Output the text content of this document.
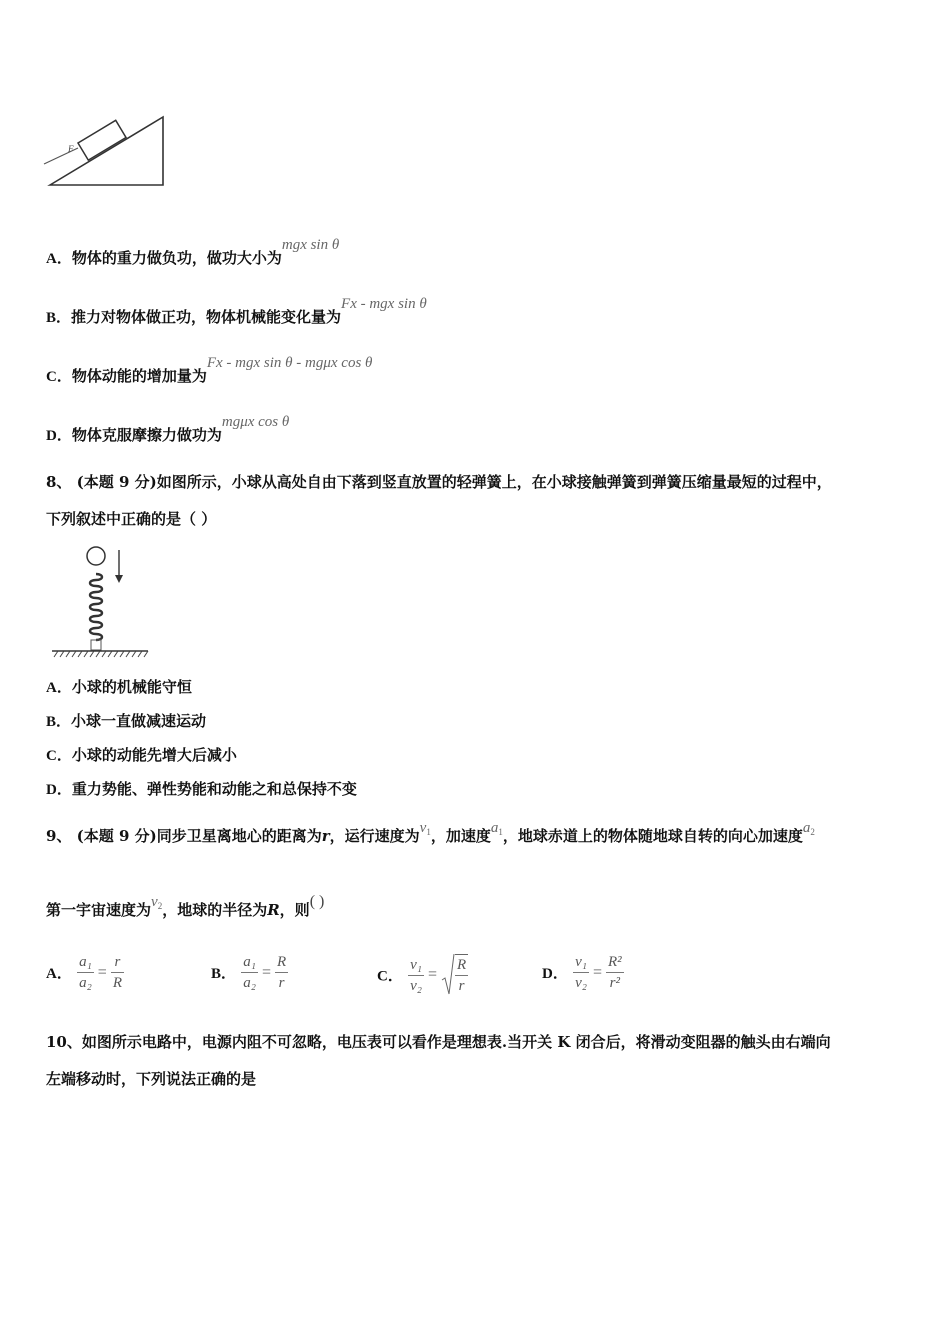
F
A．物体的重力做负功，做功大小为mgx sin θ
B．推力对物体做正功，物体机械能变化量为Fx - mgx sin θ
C．物体动能的增加量为Fx - mgx sin θ - mgμx cos θ
D．物体克服摩擦力做功为mgμx cos θ
8、 (本题 9 分)如图所示，小球从高处自由下落到竖直放置的轻弹簧上，在小球接触弹簧到弹簧压缩量最短的过程中，
下列叙述中正确的是（ ）
A．小球的机械能守恒
B．小球一直做减速运动
C．小球的动能先增大后减小
D．重力势能、弹性势能和动能之和总保持不变
9、 (本题 9 分)同步卫星离地心的距离为r，运行速度为$v_1$，加速度$a_1$，地球赤道上的物体随地球自转的向心加速度$a_2$
第一宇宙速度为$v_2$，地球的半径为R，则( )
A． $\frac{\text{a₁}}{\text{a₂}} = \frac{r}{R}$	B． $\frac{\text{a₁}}{\text{a₂}} = \frac{R}{r}$	C． $\frac{\text{v₁}}{\text{v₂}} = \frac{R}{r}$	D． $\frac{\text{v₁}}{\text{v₂}} = \frac{\text{R²}}{\text{r²}}$
10、如图所示电路中，电源内阻不可忽略，电压表可以看作是理想表.当开关 K 闭合后，将滑动变阻器的触头由右端向
左端移动时，下列说法正确的是
